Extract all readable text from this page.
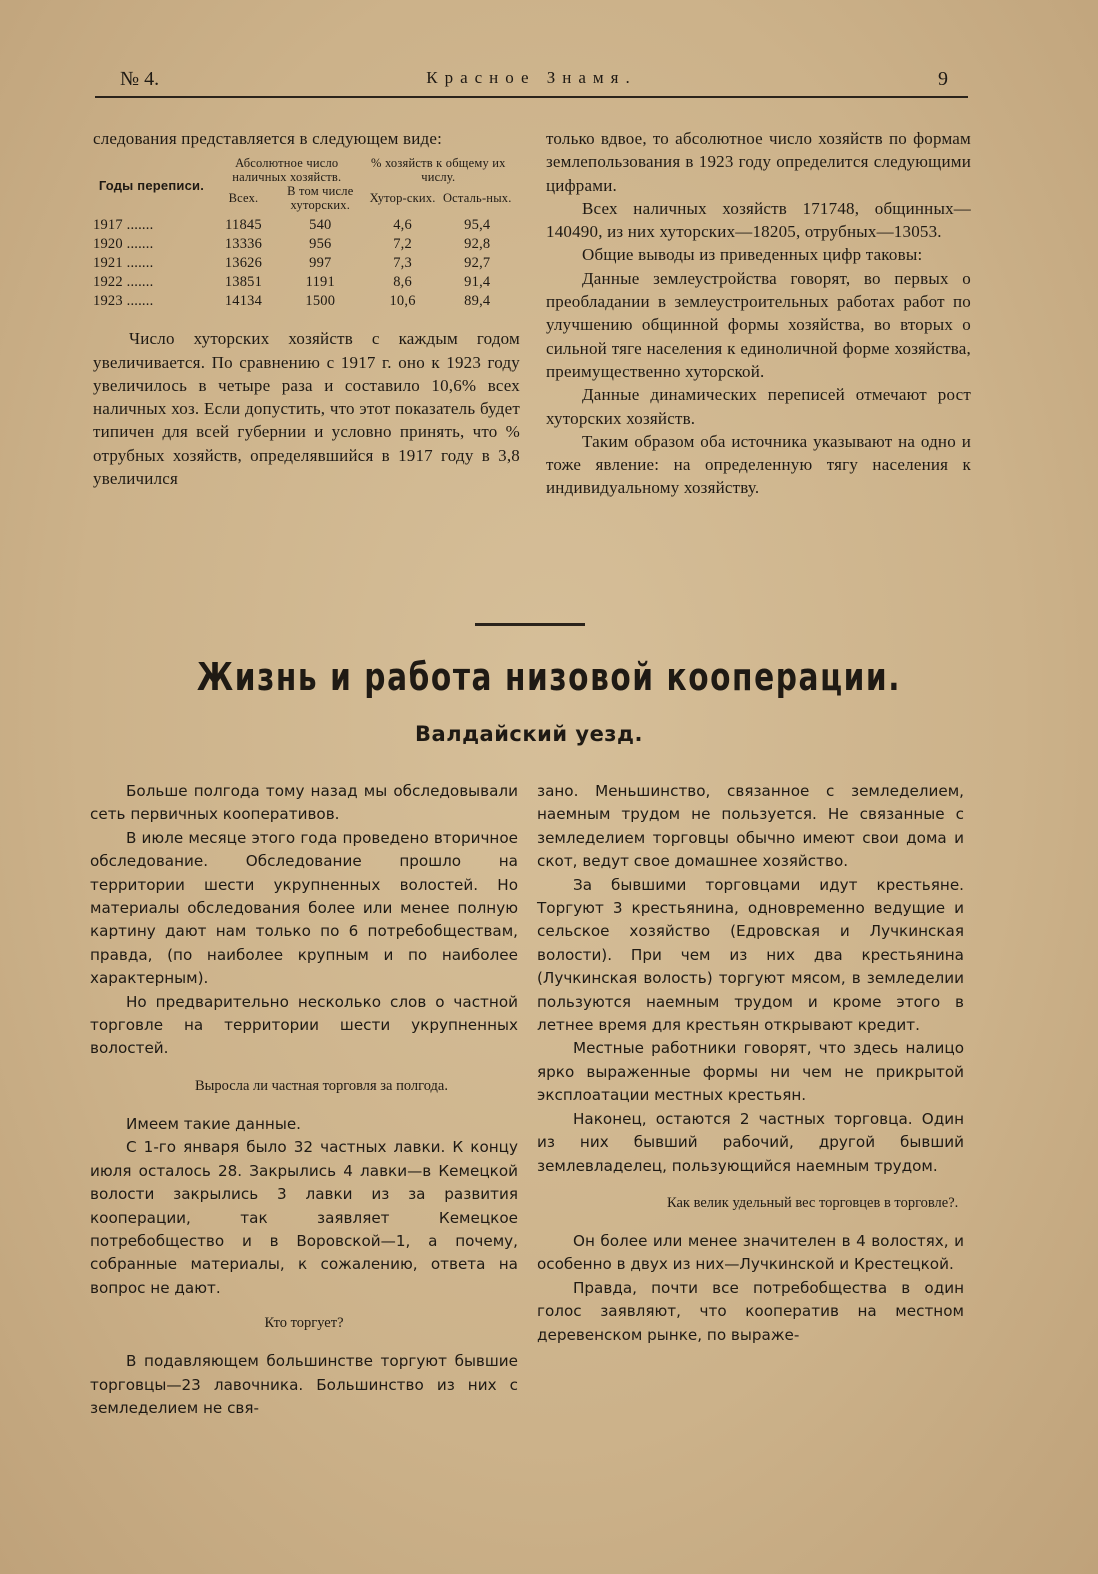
№ 4.	Красное Знамя.	9

следования представляется в следующем виде:

Годы переписи.	Абсолютное число наличных хозяйств.		% хозяйств к общему их числу.	
	Всех.	В том числе хуторских.	Хутор-ских.	Осталь-ных.

1917 .......	11845	540	4,6	95,4
1920 .......	13336	956	7,2	92,8
1921 .......	13626	997	7,3	92,7
1922 .......	13851	1191	8,6	91,4
1923 .......	14134	1500	10,6	89,4

Число хуторских хозяйств с каждым годом увеличивается. По сравнению с 1917 г. оно к 1923 году увеличилось в четыре раза и составило 10,6% всех наличных хоз. Если допустить, что этот показатель будет типичен для всей губернии и условно принять, что % отрубных хозяйств, определявшийся в 1917 году в 3,8 увеличился

только вдвое, то абсолютное число хозяйств по формам землепользования в 1923 году определится следующими цифрами.

Всех наличных хозяйств 171748, общинных—140490, из них хуторских—18205, отрубных—13053.

Общие выводы из приведенных цифр таковы:

Данные землеустройства говорят, во первых о преобладании в землеустроительных работах работ по улучшению общинной формы хозяйства, во вторых о сильной тяге населения к единоличной форме хозяйства, преимущественно хуторской.

Данные динамических переписей отмечают рост хуторских хозяйств.

Таким образом оба источника указывают на одно и тоже явление: на определенную тягу населения к индивидуальному хозяйству.

Жизнь и работа низовой кооперации.
Валдайский уезд.

Больше полгода тому назад мы обследовывали сеть первичных кооперативов.

В июле месяце этого года проведено вторичное обследование. Обследование прошло на территории шести укрупненных волостей. Но материалы обследования более или менее полную картину дают нам только по 6 потребобществам, правда, (по наиболее крупным и по наиболее характерным).

Но предварительно несколько слов о частной торговле на территории шести укрупненных волостей.

Выросла ли частная торговля за полгода.

Имеем такие данные.

С 1-го января было 32 частных лавки. К концу июля осталось 28. Закрылись 4 лавки—в Кемецкой волости закрылись 3 лавки из за развития кооперации, так заявляет Кемецкое потребобщество и в Воровской—1, а почему, собранные материалы, к сожалению, ответа на вопрос не дают.

Кто торгует?

В подавляющем большинстве торгуют бывшие торговцы—23 лавочника. Большинство из них с земледелием не свя-

зано. Меньшинство, связанное с земледелием, наемным трудом не пользуется. Не связанные с земледелием торговцы обычно имеют свои дома и скот, ведут свое домашнее хозяйство.

За бывшими торговцами идут крестьяне. Торгуют 3 крестьянина, одновременно ведущие и сельское хозяйство (Едровская и Лучкинская волости). При чем из них два крестьянина (Лучкинская волость) торгуют мясом, в земледелии пользуются наемным трудом и кроме этого в летнее время для крестьян открывают кредит.

Местные работники говорят, что здесь налицо ярко выраженные формы ни чем не прикрытой эксплоатации местных крестьян.

Наконец, остаются 2 частных торговца. Один из них бывший рабочий, другой бывший землевладелец, пользующийся наемным трудом.

Как велик удельный вес торговцев в торговле?.

Он более или менее значителен в 4 волостях, и особенно в двух из них—Лучкинской и Крестецкой.

Правда, почти все потребобщества в один голос заявляют, что кооператив на местном деревенском рынке, по выраже-
